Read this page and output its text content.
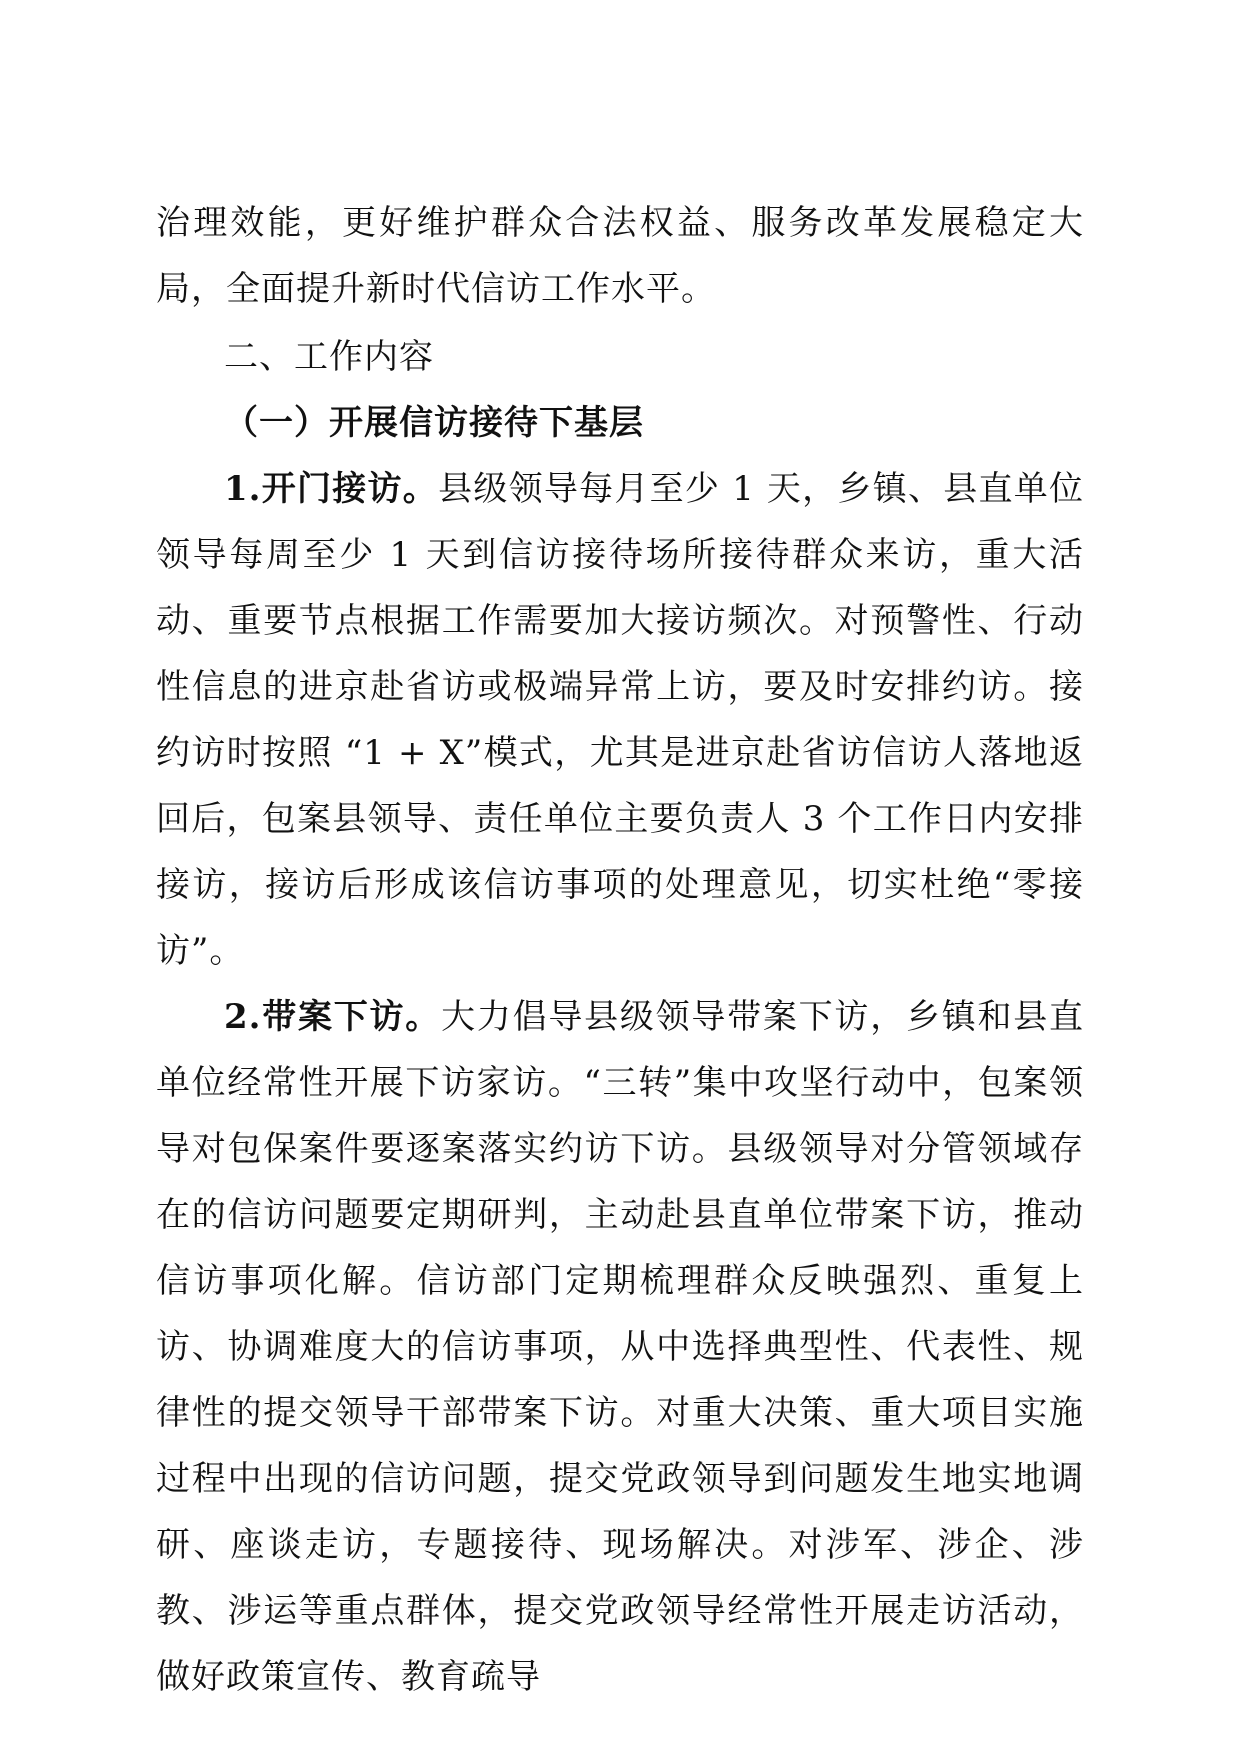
治理效能，更好维护群众合法权益、服务改革发展稳定大局，全面提升新时代信访工作水平。

二、工作内容

（一）开展信访接待下基层

1.开门接访。县级领导每月至少 1 天，乡镇、县直单位领导每周至少 1 天到信访接待场所接待群众来访，重大活动、重要节点根据工作需要加大接访频次。对预警性、行动性信息的进京赴省访或极端异常上访，要及时安排约访。接约访时按照 “1 + X”模式，尤其是进京赴省访信访人落地返回后，包案县领导、责任单位主要负责人 3 个工作日内安排接访，接访后形成该信访事项的处理意见，切实杜绝“零接访”。

2.带案下访。大力倡导县级领导带案下访，乡镇和县直单位经常性开展下访家访。“三转”集中攻坚行动中，包案领导对包保案件要逐案落实约访下访。县级领导对分管领域存在的信访问题要定期研判，主动赴县直单位带案下访，推动信访事项化解。信访部门定期梳理群众反映强烈、重复上访、协调难度大的信访事项，从中选择典型性、代表性、规律性的提交领导干部带案下访。对重大决策、重大项目实施过程中出现的信访问题，提交党政领导到问题发生地实地调研、座谈走访，专题接待、现场解决。对涉军、涉企、涉教、涉运等重点群体，提交党政领导经常性开展走访活动，做好政策宣传、教育疏导
